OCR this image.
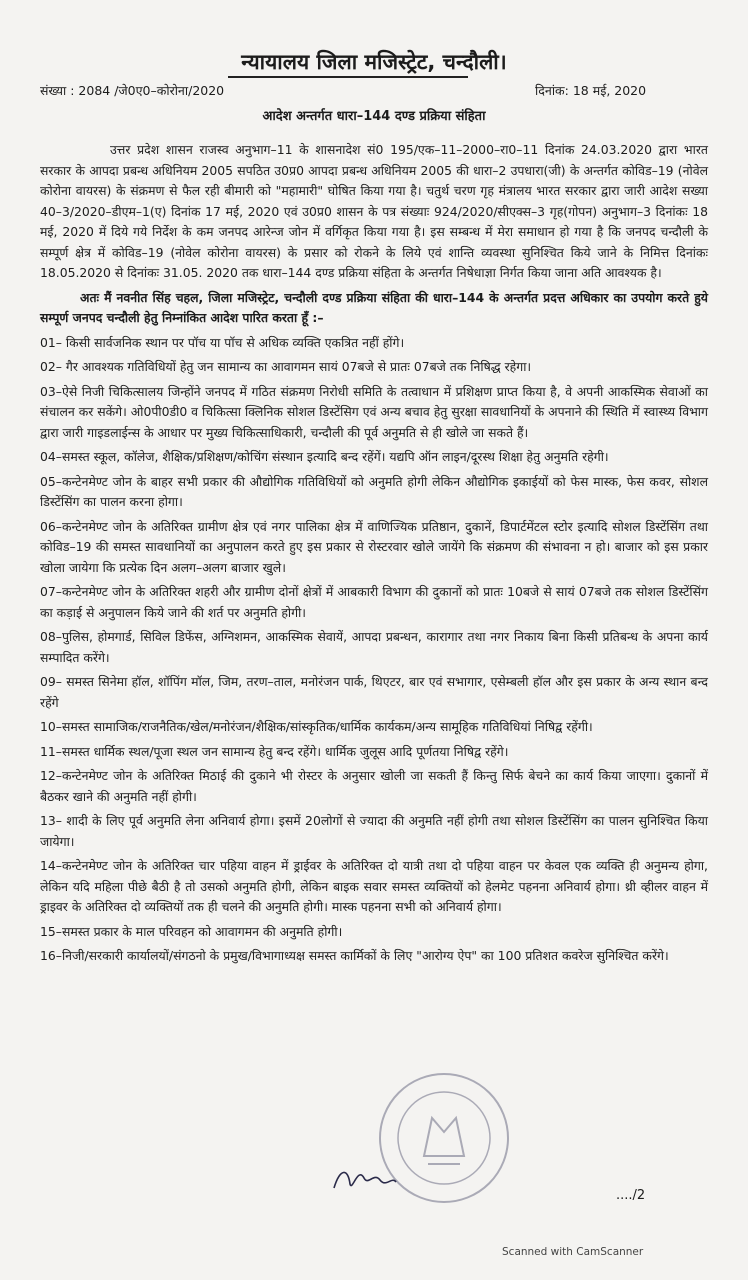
न्यायालय जिला मजिस्ट्रेट, चन्दौली।
संख्या : 2084 /जे0ए0–कोरोना/2020	दिनांक: 18 मई, 2020
आदेश अन्तर्गत धारा–144 दण्ड प्रक्रिया संहिता

उत्तर प्रदेश शासन राजस्व अनुभाग–11 के शासनादेश सं0 195/एक–11–2000–रा0–11 दिनांक 24.03.2020 द्वारा भारत सरकार के आपदा प्रबन्ध अधिनियम 2005 सपठित उ0प्र0 आपदा प्रबन्ध अधिनियम 2005 की धारा–2 उपधारा(जी) के अन्तर्गत कोविड–19 (नोवेल कोरोना वायरस) के संक्रमण से फैल रही बीमारी को "महामारी" घोषित किया गया है। चतुर्थ चरण गृह मंत्रालय भारत सरकार द्वारा जारी आदेश सख्या 40–3/2020–डीएम–1(ए) दिनांक 17 मई, 2020 एवं उ0प्र0 शासन के पत्र संख्याः 924/2020/सीएक्स–3 गृह(गोपन) अनुभाग–3 दिनांकः 18 मई, 2020 में दिये गये निर्देश के कम जनपद आरेन्ज जोन में वर्गिकृत किया गया है। इस सम्बन्ध में मेरा समाधान हो गया है कि जनपद चन्दौली के सम्पूर्ण क्षेत्र में कोविड–19 (नोवेल कोरोना वायरस) के प्रसार को रोकने के लिये एवं शान्ति व्यवस्था सुनिश्चित किये जाने के निमित्त दिनांकः 18.05.2020 से दिनांकः 31.05. 2020 तक धारा–144 दण्ड प्रक्रिया संहिता के अन्तर्गत निषेधाज्ञा निर्गत किया जाना अति आवश्यक है।

अतः मैं नवनीत सिंह चहल, जिला मजिस्ट्रेट, चन्दौली दण्ड प्रक्रिया संहिता की धारा–144 के अन्तर्गत प्रदत्त अधिकार का उपयोग करते हुये सम्पूर्ण जनपद चन्दौली हेतु निम्नांकित आदेश पारित करता हूँ :–

01– किसी सार्वजनिक स्थान पर पॉच या पॉच से अधिक व्यक्ति एकत्रित नहीं होंगे।

02– गैर आवश्यक गतिविधियों हेतु जन सामान्य का आवागमन सायं 07बजे से प्रातः 07बजे तक निषिद्ध रहेगा।

03–ऐसे निजी चिकित्सालय जिन्होंने जनपद में गठित संक्रमण निरोधी समिति के तत्वाधान में प्रशिक्षण प्राप्त किया है, वे अपनी आकस्मिक सेवाओं का संचालन कर सकेंगे। ओ0पी0डी0 व चिकित्सा क्लिनिक सोशल डिस्टेंसिग एवं अन्य बचाव हेतु सुरक्षा सावधानियों के अपनाने की स्थिति में स्वास्थ्य विभाग द्वारा जारी गाइडलाईन्स के आधार पर मुख्य चिकित्साधिकारी, चन्दौली की पूर्व अनुमति से ही खोले जा सकते हैं।

04–समस्त स्कूल, कॉलेज, शैक्षिक/प्रशिक्षण/कोचिंग संस्थान इत्यादि बन्द रहेंगें। यद्यपि ऑन लाइन/दूरस्थ शिक्षा हेतु अनुमति रहेगी।

05–कन्टेनमेण्ट जोन के बाहर सभी प्रकार की औद्योगिक गतिविधियों को अनुमति होगी लेकिन औद्योगिक इकाईयों को फेस मास्क, फेस कवर, सोशल डिस्टेंसिंग का पालन करना होगा।

06–कन्टेनमेण्ट जोन के अतिरिक्त ग्रामीण क्षेत्र एवं नगर पालिका क्षेत्र में वाणिज्यिक प्रतिष्ठान, दुकानें, डिपार्टमेंटल स्टोर इत्यादि सोशल डिस्टेंसिंग तथा कोविड–19 की समस्त सावधानियों का अनुपालन करते हुए इस प्रकार से रोस्टरवार खोले जायेंगे कि संक्रमण की संभावना न हो। बाजार को इस प्रकार खोला जायेगा कि प्रत्येक दिन अलग–अलग बाजार खुले।

07–कन्टेनमेण्ट जोन के अतिरिक्त शहरी और ग्रामीण दोनों क्षेत्रों में आबकारी विभाग की दुकानों को प्रातः 10बजे से सायं 07बजे तक सोशल डिस्टेंसिंग का कड़ाई से अनुपालन किये जाने की शर्त पर अनुमति होगी।

08–पुलिस, होमगार्ड, सिविल डिफेंस, अग्निशमन, आकस्मिक सेवायें, आपदा प्रबन्धन, कारागार तथा नगर निकाय बिना किसी प्रतिबन्ध के अपना कार्य सम्पादित करेंगे।

09– समस्त सिनेमा हॉल, शॉपिंग मॉल, जिम, तरण–ताल, मनोरंजन पार्क, थिएटर, बार एवं सभागार, एसेम्बली हॉल और इस प्रकार के अन्य स्थान बन्द रहेंगे

10–समस्त सामाजिक/राजनैतिक/खेल/मनोरंजन/शैक्षिक/सांस्कृतिक/धार्मिक कार्यकम/अन्य सामूहिक गतिविधियां निषिद्व रहेंगी।

11–समस्त धार्मिक स्थल/पूजा स्थल जन सामान्य हेतु बन्द रहेंगे। धार्मिक जुलूस आदि पूर्णतया निषिद्व रहेंगे।

12–कन्टेनमेण्ट जोन के अतिरिक्त मिठाई की दुकाने भी रोस्टर के अनुसार खोली जा सकती हैं किन्तु सिर्फ बेचने का कार्य किया जाएगा। दुकानों में बैठकर खाने की अनुमति नहीं होगी।

13– शादी के लिए पूर्व अनुमति लेना अनिवार्य होगा। इसमें 20लोगों से ज्यादा की अनुमति नहीं होगी तथा सोशल डिस्टेंसिंग का पालन सुनिश्चित किया जायेगा।

14–कन्टेनमेण्ट जोन के अतिरिक्त चार पहिया वाहन में ड्राईवर के अतिरिक्त दो यात्री तथा दो पहिया वाहन पर केवल एक व्यक्ति ही अनुमन्य होगा, लेकिन यदि महिला पीछे बैठी है तो उसको अनुमति होगी, लेकिन बाइक सवार समस्त व्यक्तियों को हेलमेट पहनना अनिवार्य होगा। थ्री व्हीलर वाहन में ड्राइवर के अतिरिक्त दो व्यक्तियों तक ही चलने की अनुमति होगी। मास्क पहनना सभी को अनिवार्य होगा।

15–समस्त प्रकार के माल परिवहन को आवागमन की अनुमति होगी।

16–निजी/सरकारी कार्यालयों/संगठनो के प्रमुख/विभागाध्यक्ष समस्त कार्मिकों के लिए "आरोग्य ऐप" का 100 प्रतिशत कवरेज सुनिश्चित करेंगे।

..../2
Scanned with CamScanner
